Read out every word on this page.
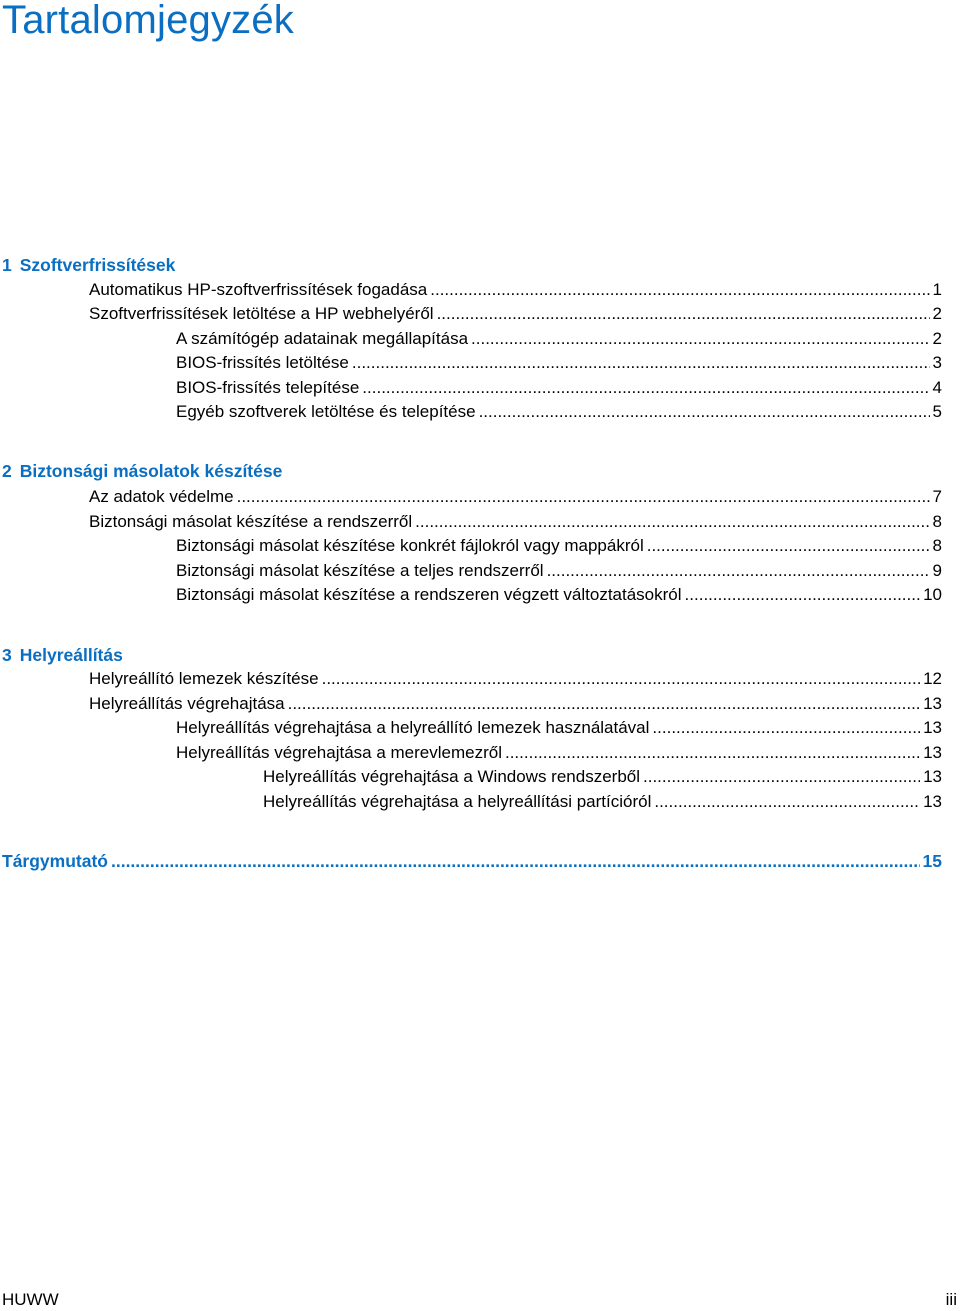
Tartalomjegyzék
1 Szoftverfrissítések
Automatikus HP-szoftverfrissítések fogadása .....	1
Szoftverfrissítések letöltése a HP webhelyéről .....	2
A számítógép adatainak megállapítása .....	2
BIOS-frissítés letöltése .....	3
BIOS-frissítés telepítése .....	4
Egyéb szoftverek letöltése és telepítése .....	5
2 Biztonsági másolatok készítése
Az adatok védelme .....	7
Biztonsági másolat készítése a rendszerről .....	8
Biztonsági másolat készítése konkrét fájlokról vagy mappákról .....	8
Biztonsági másolat készítése a teljes rendszerről .....	9
Biztonsági másolat készítése a rendszeren végzett változtatásokról .....	10
3 Helyreállítás
Helyreállító lemezek készítése .....	12
Helyreállítás végrehajtása .....	13
Helyreállítás végrehajtása a helyreállító lemezek használatával .....	13
Helyreállítás végrehajtása a merevlemezről .....	13
Helyreállítás végrehajtása a Windows rendszerből .....	13
Helyreállítás végrehajtása a helyreállítási partícióról .....	13
Tárgymutató .....	15
HUWW	iii
